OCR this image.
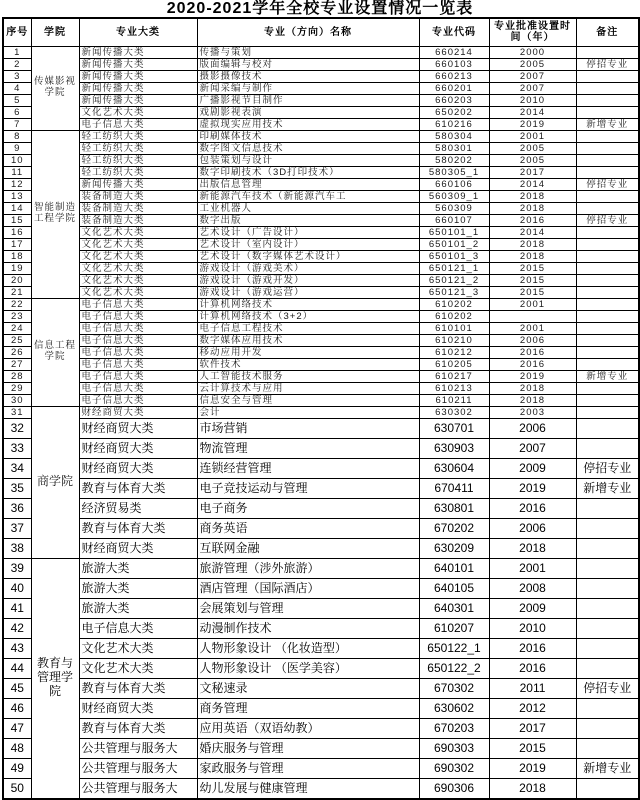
2020-2021学年全校专业设置情况一览表
序号	学院	专业大类	专业（方向）名称	专业代码	专业批准设置时间（年）	备注
1	传媒影视学院	新闻传播大类	传播与策划	660214	2000	
2		新闻传播大类	版面编辑与校对	660103	2005	停招专业
3		新闻传播大类	摄影摄像技术	660213	2007	
4		新闻传播大类	新闻采编与制作	660201	2007	
5		新闻传播大类	广播影视节目制作	660203	2010	
6		文化艺术大类	戏剧影视表演	650202	2014	
7		电子信息大类	虚拟现实应用技术	610216	2019	新增专业
8	智能制造工程学院	轻工纺织大类	印刷媒体技术	580304	2001	
9		轻工纺织大类	数字图文信息技术	580301	2005	
10		轻工纺织大类	包装策划与设计	580202	2005	
11		轻工纺织大类	数字印刷技术（3D打印技术）	580305_1	2017	
12		新闻传播大类	出版信息管理	660106	2014	停招专业
13		装备制造大类	新能源汽车技术（新能源汽车工	560309_1	2018	
14		装备制造大类	工业机器人	560309	2018	
15		装备制造大类	数字出版	660107	2016	停招专业
16		文化艺术大类	艺术设计（广告设计）	650101_1	2014	
17		文化艺术大类	艺术设计（室内设计）	650101_2	2018	
18		文化艺术大类	艺术设计（数字媒体艺术设计）	650101_3	2018	
19		文化艺术大类	游戏设计（游戏美术）	650121_1	2015	
20		文化艺术大类	游戏设计（游戏开发）	650121_2	2015	
21		文化艺术大类	游戏设计（游戏运营）	650121_3	2015	
22	信息工程学院	电子信息大类	计算机网络技术	610202	2001	
23		电子信息大类	计算机网络技术（3+2）	610202		
24		电子信息大类	电子信息工程技术	610101	2001	
25		电子信息大类	数字媒体应用技术	610210	2006	
26		电子信息大类	移动应用开发	610212	2016	
27		电子信息大类	软件技术	610205	2016	
28		电子信息大类	人工智能技术服务	610217	2019	新增专业
29		电子信息大类	云计算技术与应用	610213	2018	
30		电子信息大类	信息安全与管理	610211	2018	
31	商学院	财经商贸大类	会计	630302	2003	
32		财经商贸大类	市场营销	630701	2006	
33		财经商贸大类	物流管理	630903	2007	
34		财经商贸大类	连锁经营管理	630604	2009	停招专业
35		教育与体育大类	电子竞技运动与管理	670411	2019	新增专业
36		经济贸易类	电子商务	630801	2016	
37		教育与体育大类	商务英语	670202	2006	
38		财经商贸大类	互联网金融	630209	2018	
39	教育与管理学院	旅游大类	旅游管理（涉外旅游）	640101	2001	
40		旅游大类	酒店管理（国际酒店）	640105	2008	
41		旅游大类	会展策划与管理	640301	2009	
42		电子信息大类	动漫制作技术	610207	2010	
43		文化艺术大类	人物形象设计 （化妆造型）	650122_1	2016	
44		文化艺术大类	人物形象设计 （医学美容）	650122_2	2016	
45		教育与体育大类	文秘速录	670302	2011	停招专业
46		财经商贸大类	商务管理	630602	2012	
47		教育与体育大类	应用英语（双语幼教）	670203	2017	
48		公共管理与服务大	婚庆服务与管理	690303	2015	
49		公共管理与服务大	家政服务与管理	690302	2019	新增专业
50		公共管理与服务大	幼儿发展与健康管理	690306	2018	
